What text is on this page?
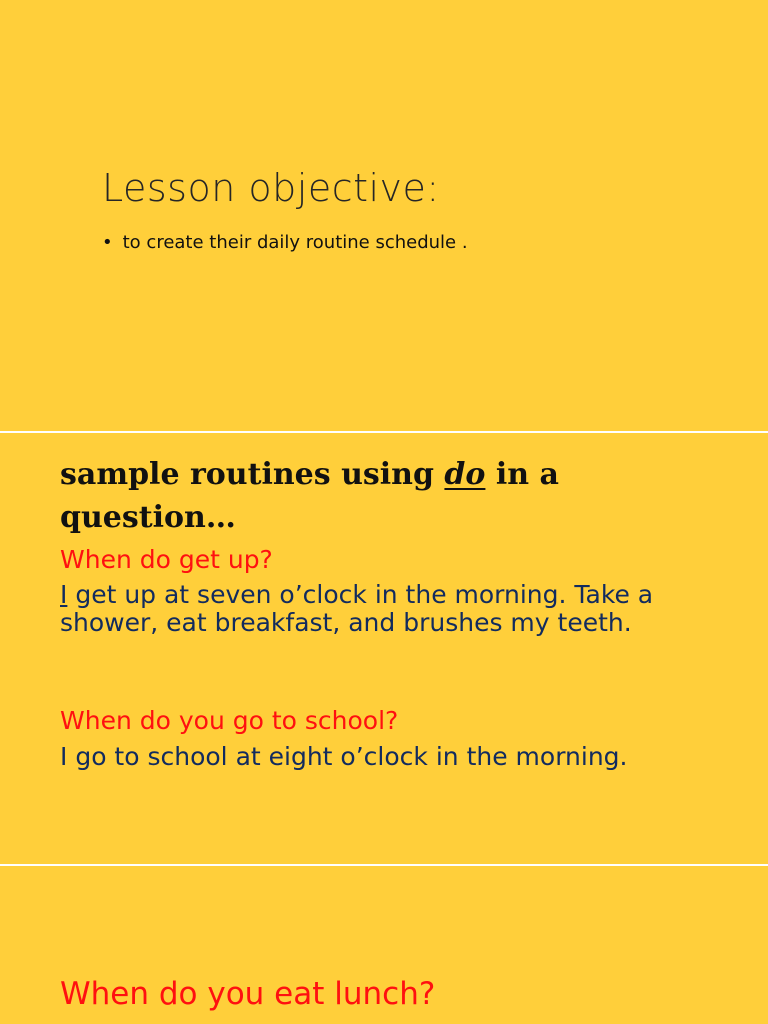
Lesson objective:
• to create their daily routine schedule .
sample routines using do in a question…
When do get up?
I get up at seven o’clock in the morning. Take a shower, eat breakfast, and brushes my teeth.
When do you go to school?
I go to school at eight o’clock in the morning.
When do you eat lunch?
